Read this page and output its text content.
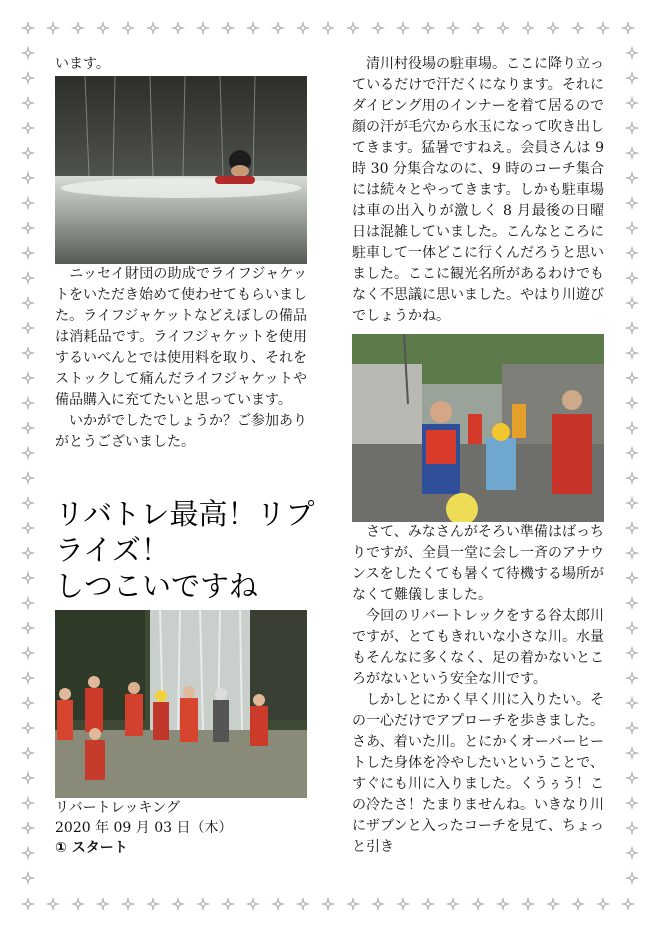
います。

　ニッセイ財団の助成でライフジャケットをいただき始めて使わせてもらいました。ライフジャケットなどえぼしの備品は消耗品です。ライフジャケットを使用するいべんとでは使用料を取り、それをストックして痛んだライフジャケットや備品購入に充てたいと思っています。

　いかがでしたでしょうか？ご参加ありがとうございました。

リバトレ最高！リプ
ライズ！
しつこいですね
リバートレッキング
2020 年 09 月 03 日（木）
① スタート

　清川村役場の駐車場。ここに降り立っているだけで汗だくになります。それにダイビング用のインナーを着て居るので顔の汗が毛穴から水玉になって吹き出してきます。猛暑ですねえ。会員さんは 9 時 30 分集合なのに、9 時のコーチ集合には続々とやってきます。しかも駐車場は車の出入りが激しく 8 月最後の日曜日は混雑していました。こんなところに駐車して一体どこに行くんだろうと思いました。ここに観光名所があるわけでもなく不思議に思いました。やはり川遊びでしょうかね。

　さて、みなさんがそろい準備はばっちりですが、全員一堂に会し一斉のアナウンスをしたくても暑くて待機する場所がなくて難儀しました。

　今回のリバートレックをする谷太郎川ですが、とてもきれいな小さな川。水量もそんなに多くなく、足の着かないところがないという安全な川です。

　しかしとにかく早く川に入りたい。その一心だけでアプローチを歩きました。さあ、着いた川。とにかくオーバーヒートした身体を冷やしたいということで、すぐにも川に入りました。くうぅう！この冷たさ！たまりませんね。いきなり川にザブンと入ったコーチを見て、ちょっと引き
